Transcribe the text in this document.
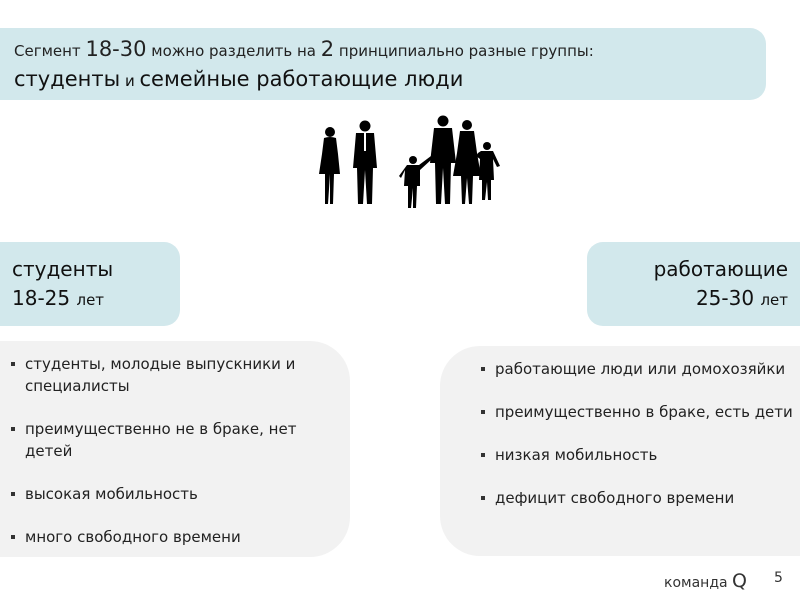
Сегмент 18-30 можно разделить на 2 принципиально разные группы:
студенты и семейные работающие люди
студенты
18-25 лет
работающие
25-30 лет
студенты, молодые выпускники и специалисты
преимущественно не в браке, нет детей
высокая мобильность
много свободного времени
работающие люди или домохозяйки
преимущественно в браке, есть дети
низкая мобильность
дефицит свободного времени
команда Q 5
